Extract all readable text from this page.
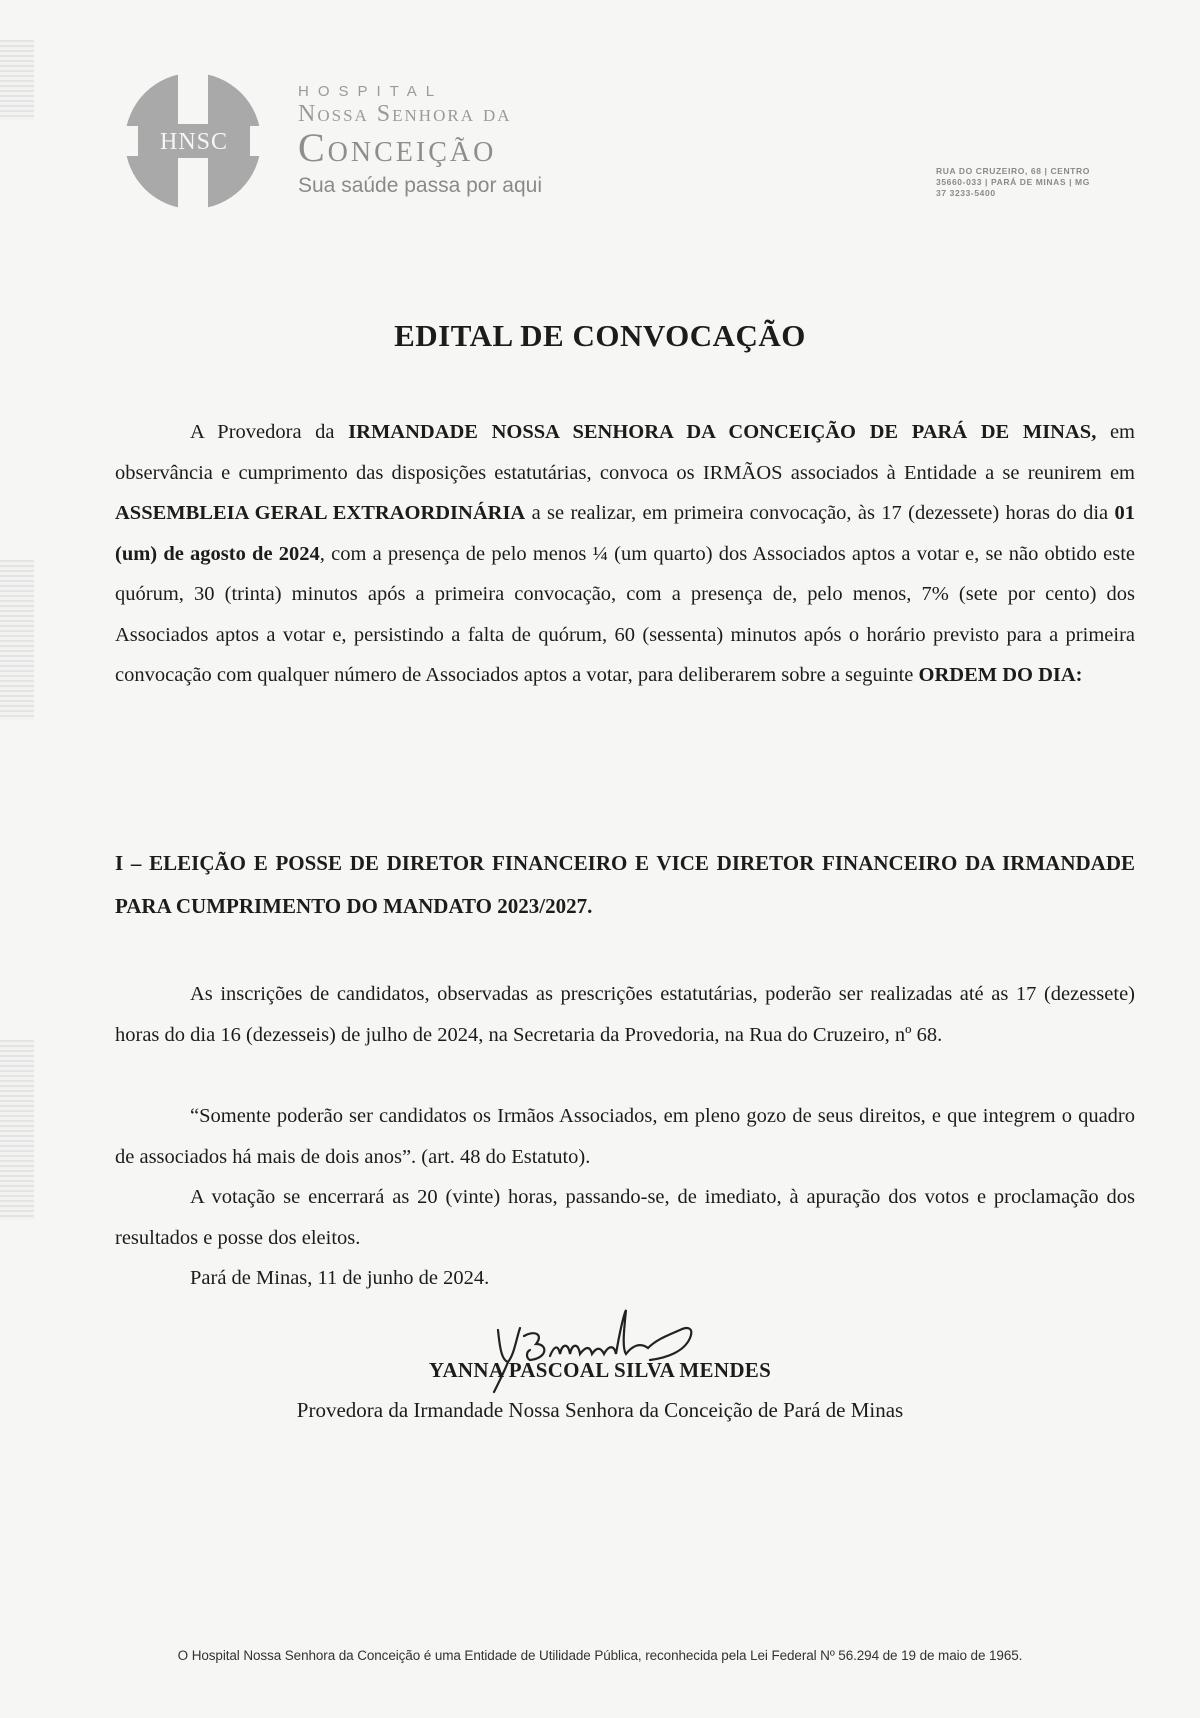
HNSC
HOSPITAL
Nossa Senhora da
Conceição
Sua saúde passa por aqui
RUA DO CRUZEIRO, 68 | CENTRO
35660-033 | PARÁ DE MINAS | MG
37 3233-5400
EDITAL DE CONVOCAÇÃO

A Provedora da IRMANDADE NOSSA SENHORA DA CONCEIÇÃO DE PARÁ DE MINAS, em observância e cumprimento das disposições estatutárias, convoca os IRMÃOS associados à Entidade a se reunirem em ASSEMBLEIA GERAL EXTRAORDINÁRIA a se realizar, em primeira convocação, às 17 (dezessete) horas do dia 01 (um) de agosto de 2024, com a presença de pelo menos ¼ (um quarto) dos Associados aptos a votar e, se não obtido este quórum, 30 (trinta) minutos após a primeira convocação, com a presença de, pelo menos, 7% (sete por cento) dos Associados aptos a votar e, persistindo a falta de quórum, 60 (sessenta) minutos após o horário previsto para a primeira convocação com qualquer número de Associados aptos a votar, para deliberarem sobre a seguinte ORDEM DO DIA:

I – ELEIÇÃO E POSSE DE DIRETOR FINANCEIRO E VICE DIRETOR FINANCEIRO DA IRMANDADE PARA CUMPRIMENTO DO MANDATO 2023/2027.

As inscrições de candidatos, observadas as prescrições estatutárias, poderão ser realizadas até as 17 (dezessete) horas do dia 16 (dezesseis) de julho de 2024, na Secretaria da Provedoria, na Rua do Cruzeiro, nº 68.

“Somente poderão ser candidatos os Irmãos Associados, em pleno gozo de seus direitos, e que integrem o quadro de associados há mais de dois anos”. (art. 48 do Estatuto).

A votação se encerrará as 20 (vinte) horas, passando-se, de imediato, à apuração dos votos e proclamação dos resultados e posse dos eleitos.

Pará de Minas, 11 de junho de 2024.

YANNA PASCOAL SILVA MENDES
Provedora da Irmandade Nossa Senhora da Conceição de Pará de Minas
O Hospital Nossa Senhora da Conceição é uma Entidade de Utilidade Pública, reconhecida pela Lei Federal Nº 56.294 de 19 de maio de 1965.
